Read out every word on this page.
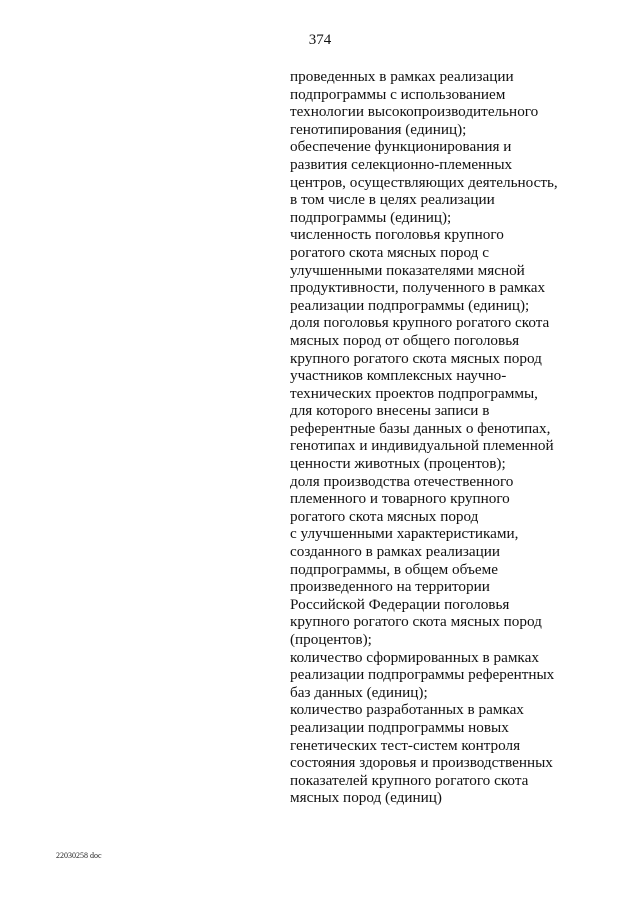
374
проведенных в рамках реализации
подпрограммы с использованием
технологии высокопроизводительного
генотипирования (единиц);
обеспечение функционирования и
развития селекционно-племенных
центров, осуществляющих деятельность,
в том числе в целях реализации
подпрограммы (единиц);
численность поголовья крупного
рогатого скота мясных пород с
улучшенными показателями мясной
продуктивности, полученного в рамках
реализации подпрограммы (единиц);
доля поголовья крупного рогатого скота
мясных пород от общего поголовья
крупного рогатого скота мясных пород
участников комплексных научно-
технических проектов подпрограммы,
для которого внесены записи в
референтные базы данных о фенотипах,
генотипах и индивидуальной племенной
ценности животных (процентов);
доля производства отечественного
племенного и товарного крупного
рогатого скота мясных пород
с улучшенными характеристиками,
созданного в рамках реализации
подпрограммы, в общем объеме
произведенного на территории
Российской Федерации поголовья
крупного рогатого скота мясных пород
(процентов);
количество сформированных в рамках
реализации подпрограммы референтных
баз данных (единиц);
количество разработанных в рамках
реализации подпрограммы новых
генетических тест-систем контроля
состояния здоровья и производственных
показателей крупного рогатого скота
мясных пород (единиц)
22030258 doc
